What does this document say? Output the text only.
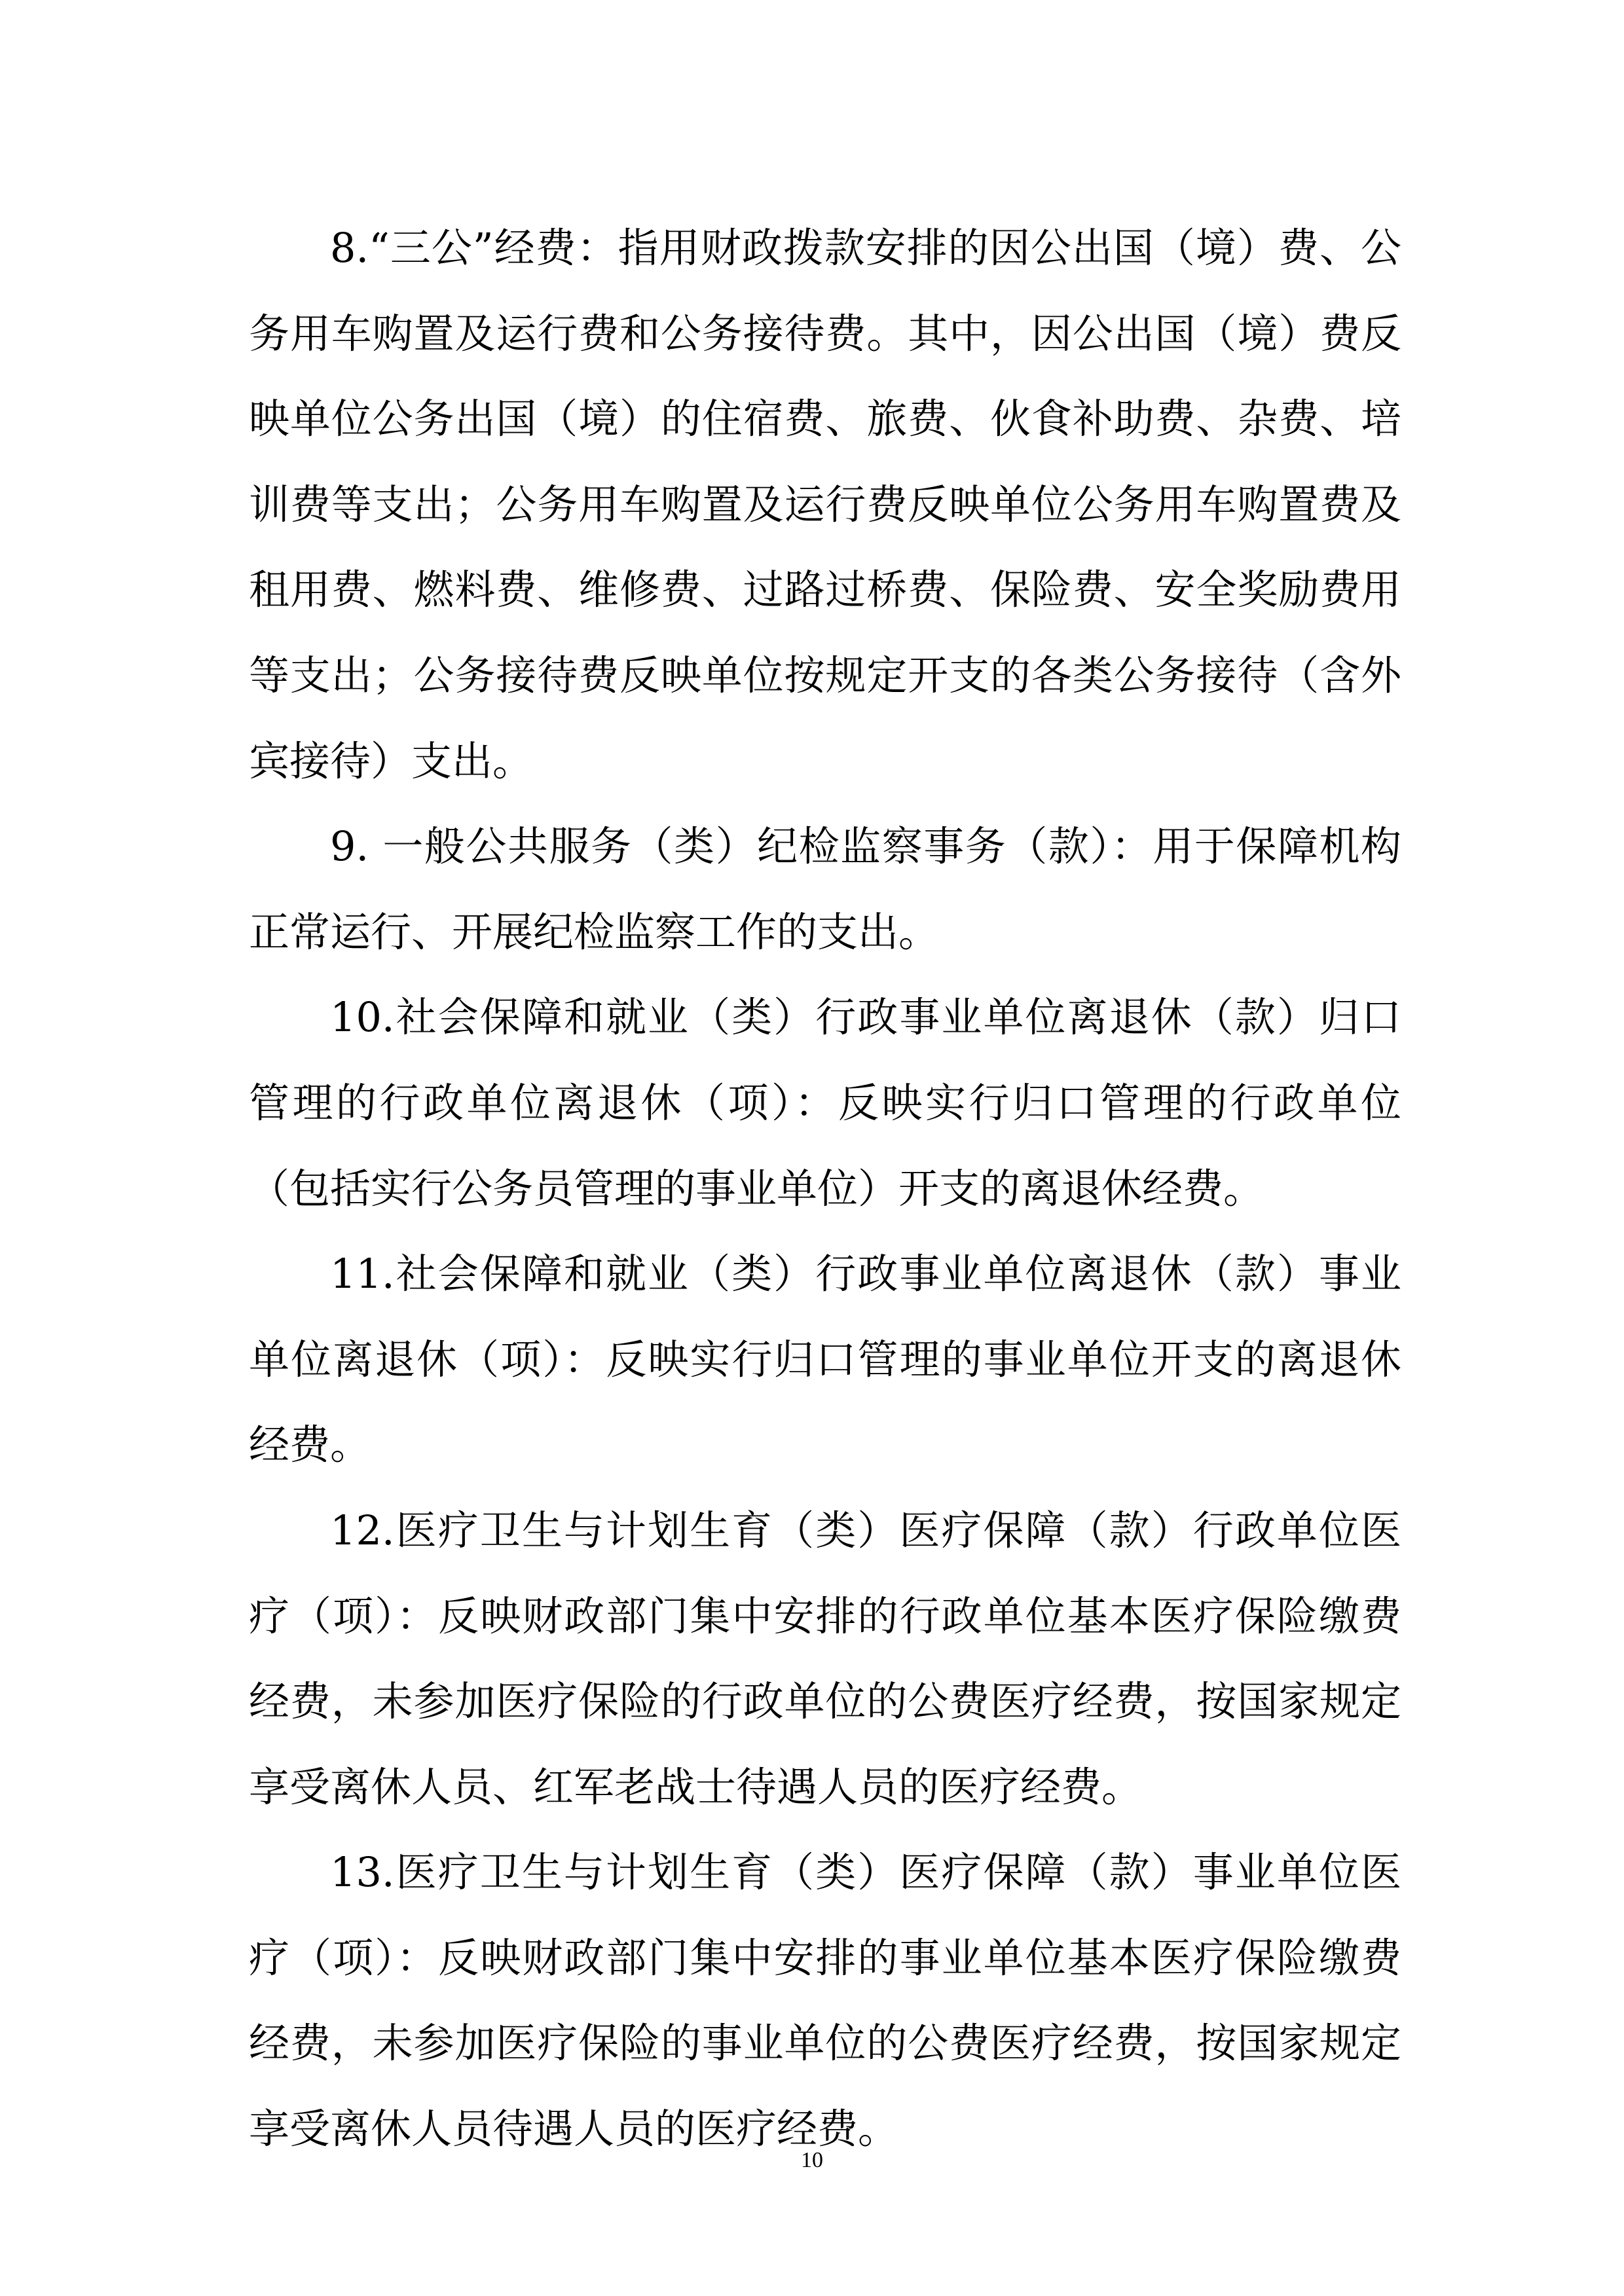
8.“三公”经费：指用财政拨款安排的因公出国（境）费、公务用车购置及运行费和公务接待费。其中，因公出国（境）费反映单位公务出国（境）的住宿费、旅费、伙食补助费、杂费、培训费等支出；公务用车购置及运行费反映单位公务用车购置费及租用费、燃料费、维修费、过路过桥费、保险费、安全奖励费用等支出；公务接待费反映单位按规定开支的各类公务接待（含外宾接待）支出。

9. 一般公共服务（类）纪检监察事务（款）：用于保障机构正常运行、开展纪检监察工作的支出。

10.社会保障和就业（类）行政事业单位离退休（款）归口管理的行政单位离退休（项）：反映实行归口管理的行政单位（包括实行公务员管理的事业单位）开支的离退休经费。

11.社会保障和就业（类）行政事业单位离退休（款）事业单位离退休（项）：反映实行归口管理的事业单位开支的离退休经费。

12.医疗卫生与计划生育（类）医疗保障（款）行政单位医疗（项）：反映财政部门集中安排的行政单位基本医疗保险缴费经费，未参加医疗保险的行政单位的公费医疗经费，按国家规定享受离休人员、红军老战士待遇人员的医疗经费。

13.医疗卫生与计划生育（类）医疗保障（款）事业单位医疗（项）：反映财政部门集中安排的事业单位基本医疗保险缴费经费，未参加医疗保险的事业单位的公费医疗经费，按国家规定享受离休人员待遇人员的医疗经费。

10
